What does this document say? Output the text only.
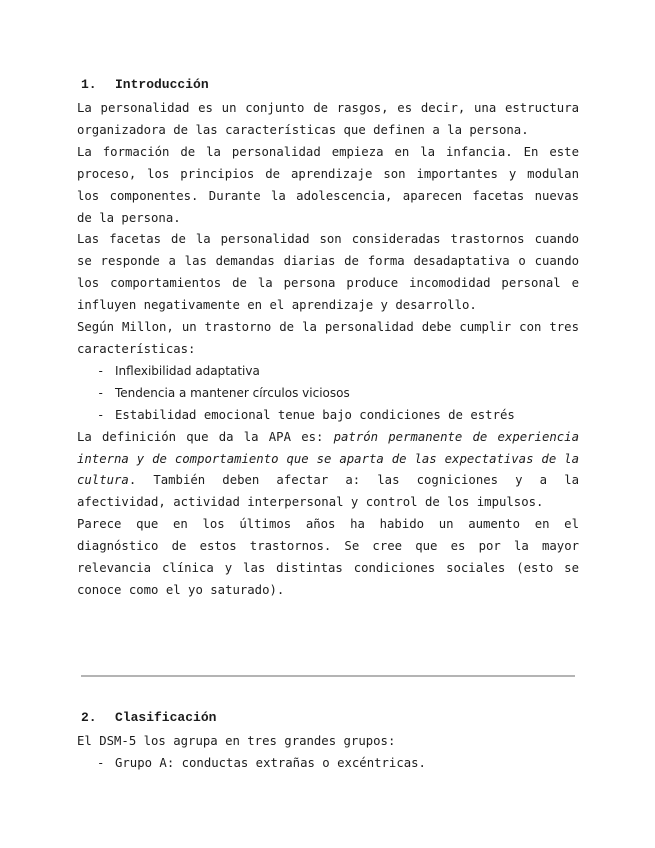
1. Introducción

La personalidad es un conjunto de rasgos, es decir, una estructura organizadora de las características que definen a la persona.

La formación de la personalidad empieza en la infancia. En este proceso, los principios de aprendizaje son importantes y modulan los componentes. Durante la adolescencia, aparecen facetas nuevas de la persona.

Las facetas de la personalidad son consideradas trastornos cuando se responde a las demandas diarias de forma desadaptativa o cuando los comportamientos de la persona produce incomodidad personal e influyen negativamente en el aprendizaje y desarrollo.

Según Millon, un trastorno de la personalidad debe cumplir con tres características:

- Inflexibilidad adaptativa
- Tendencia a mantener círculos viciosos
- Estabilidad emocional tenue bajo condiciones de estrés

La definición que da la APA es: patrón permanente de experiencia interna y de comportamiento que se aparta de las expectativas de la cultura. También deben afectar a: las cogniciones y a la afectividad, actividad interpersonal y control de los impulsos.

Parece que en los últimos años ha habido un aumento en el diagnóstico de estos trastornos. Se cree que es por la mayor relevancia clínica y las distintas condiciones sociales (esto se conoce como el yo saturado).

2. Clasificación

El DSM-5 los agrupa en tres grandes grupos:

- Grupo A: conductas extrañas o excéntricas.
